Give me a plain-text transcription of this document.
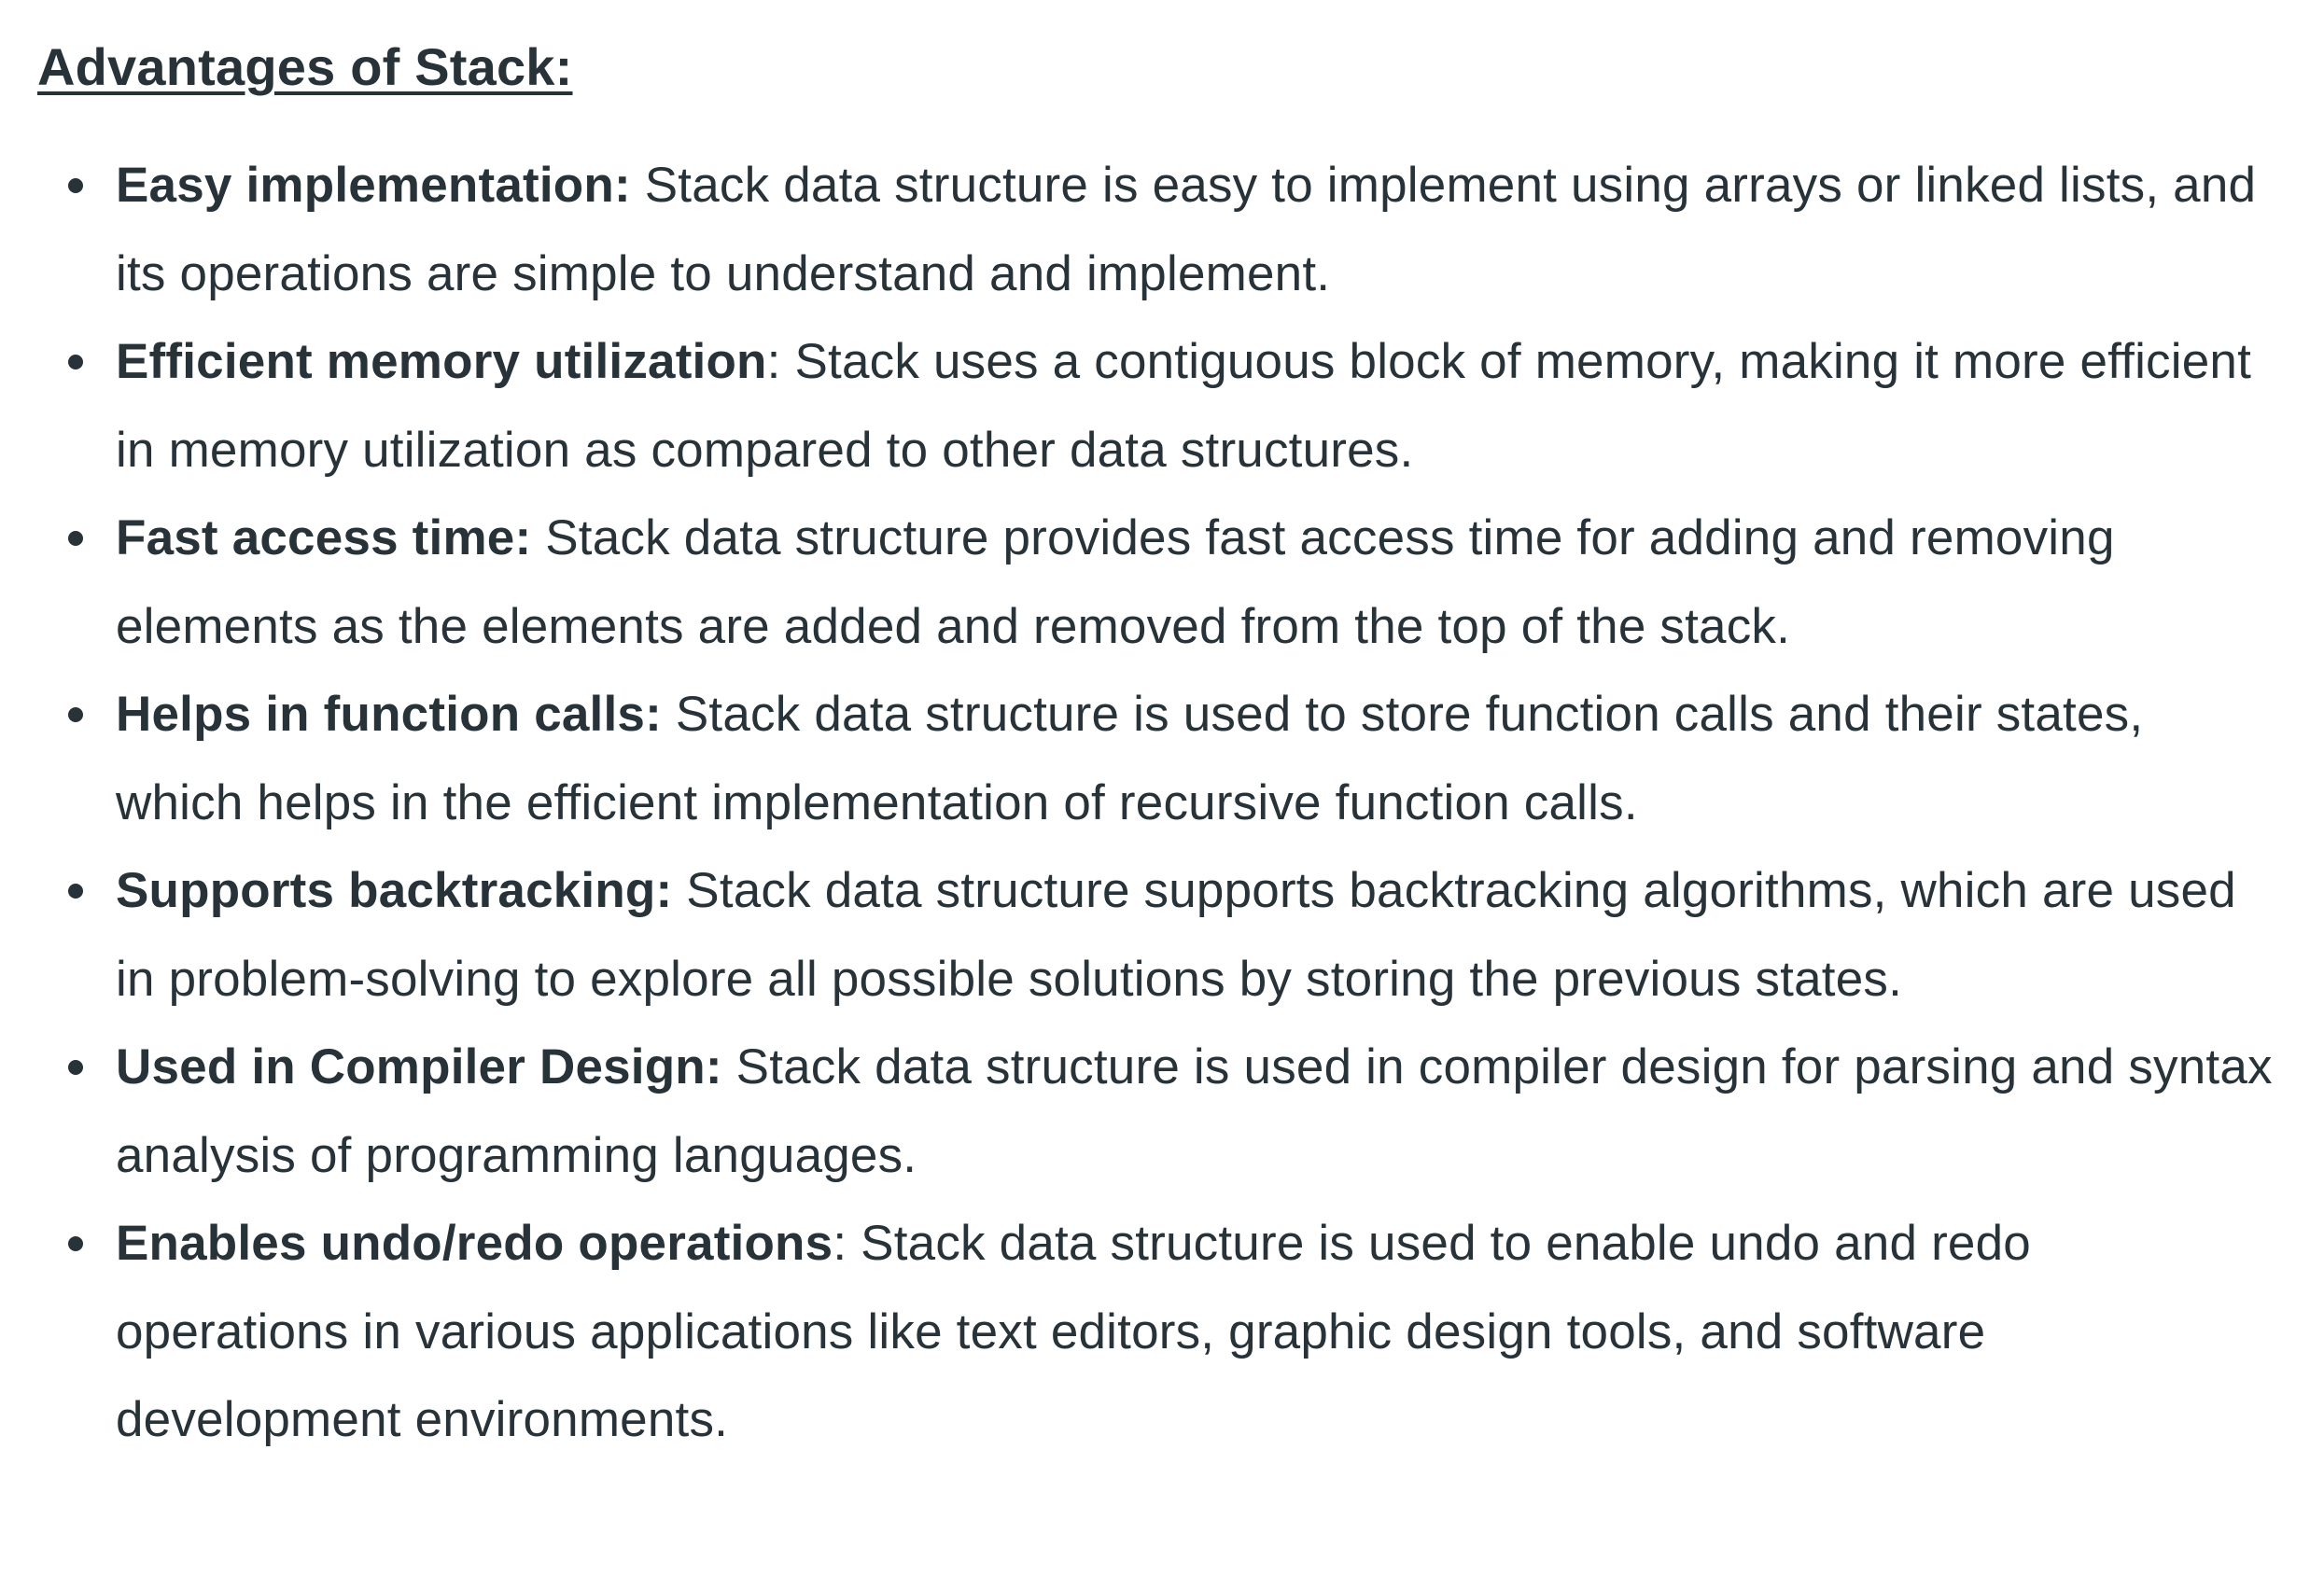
Advantages of Stack:
Easy implementation: Stack data structure is easy to implement using arrays or linked lists, and its operations are simple to understand and implement.
Efficient memory utilization: Stack uses a contiguous block of memory, making it more efficient in memory utilization as compared to other data structures.
Fast access time: Stack data structure provides fast access time for adding and removing elements as the elements are added and removed from the top of the stack.
Helps in function calls: Stack data structure is used to store function calls and their states, which helps in the efficient implementation of recursive function calls.
Supports backtracking: Stack data structure supports backtracking algorithms, which are used in problem-solving to explore all possible solutions by storing the previous states.
Used in Compiler Design: Stack data structure is used in compiler design for parsing and syntax analysis of programming languages.
Enables undo/redo operations: Stack data structure is used to enable undo and redo operations in various applications like text editors, graphic design tools, and software development environments.
